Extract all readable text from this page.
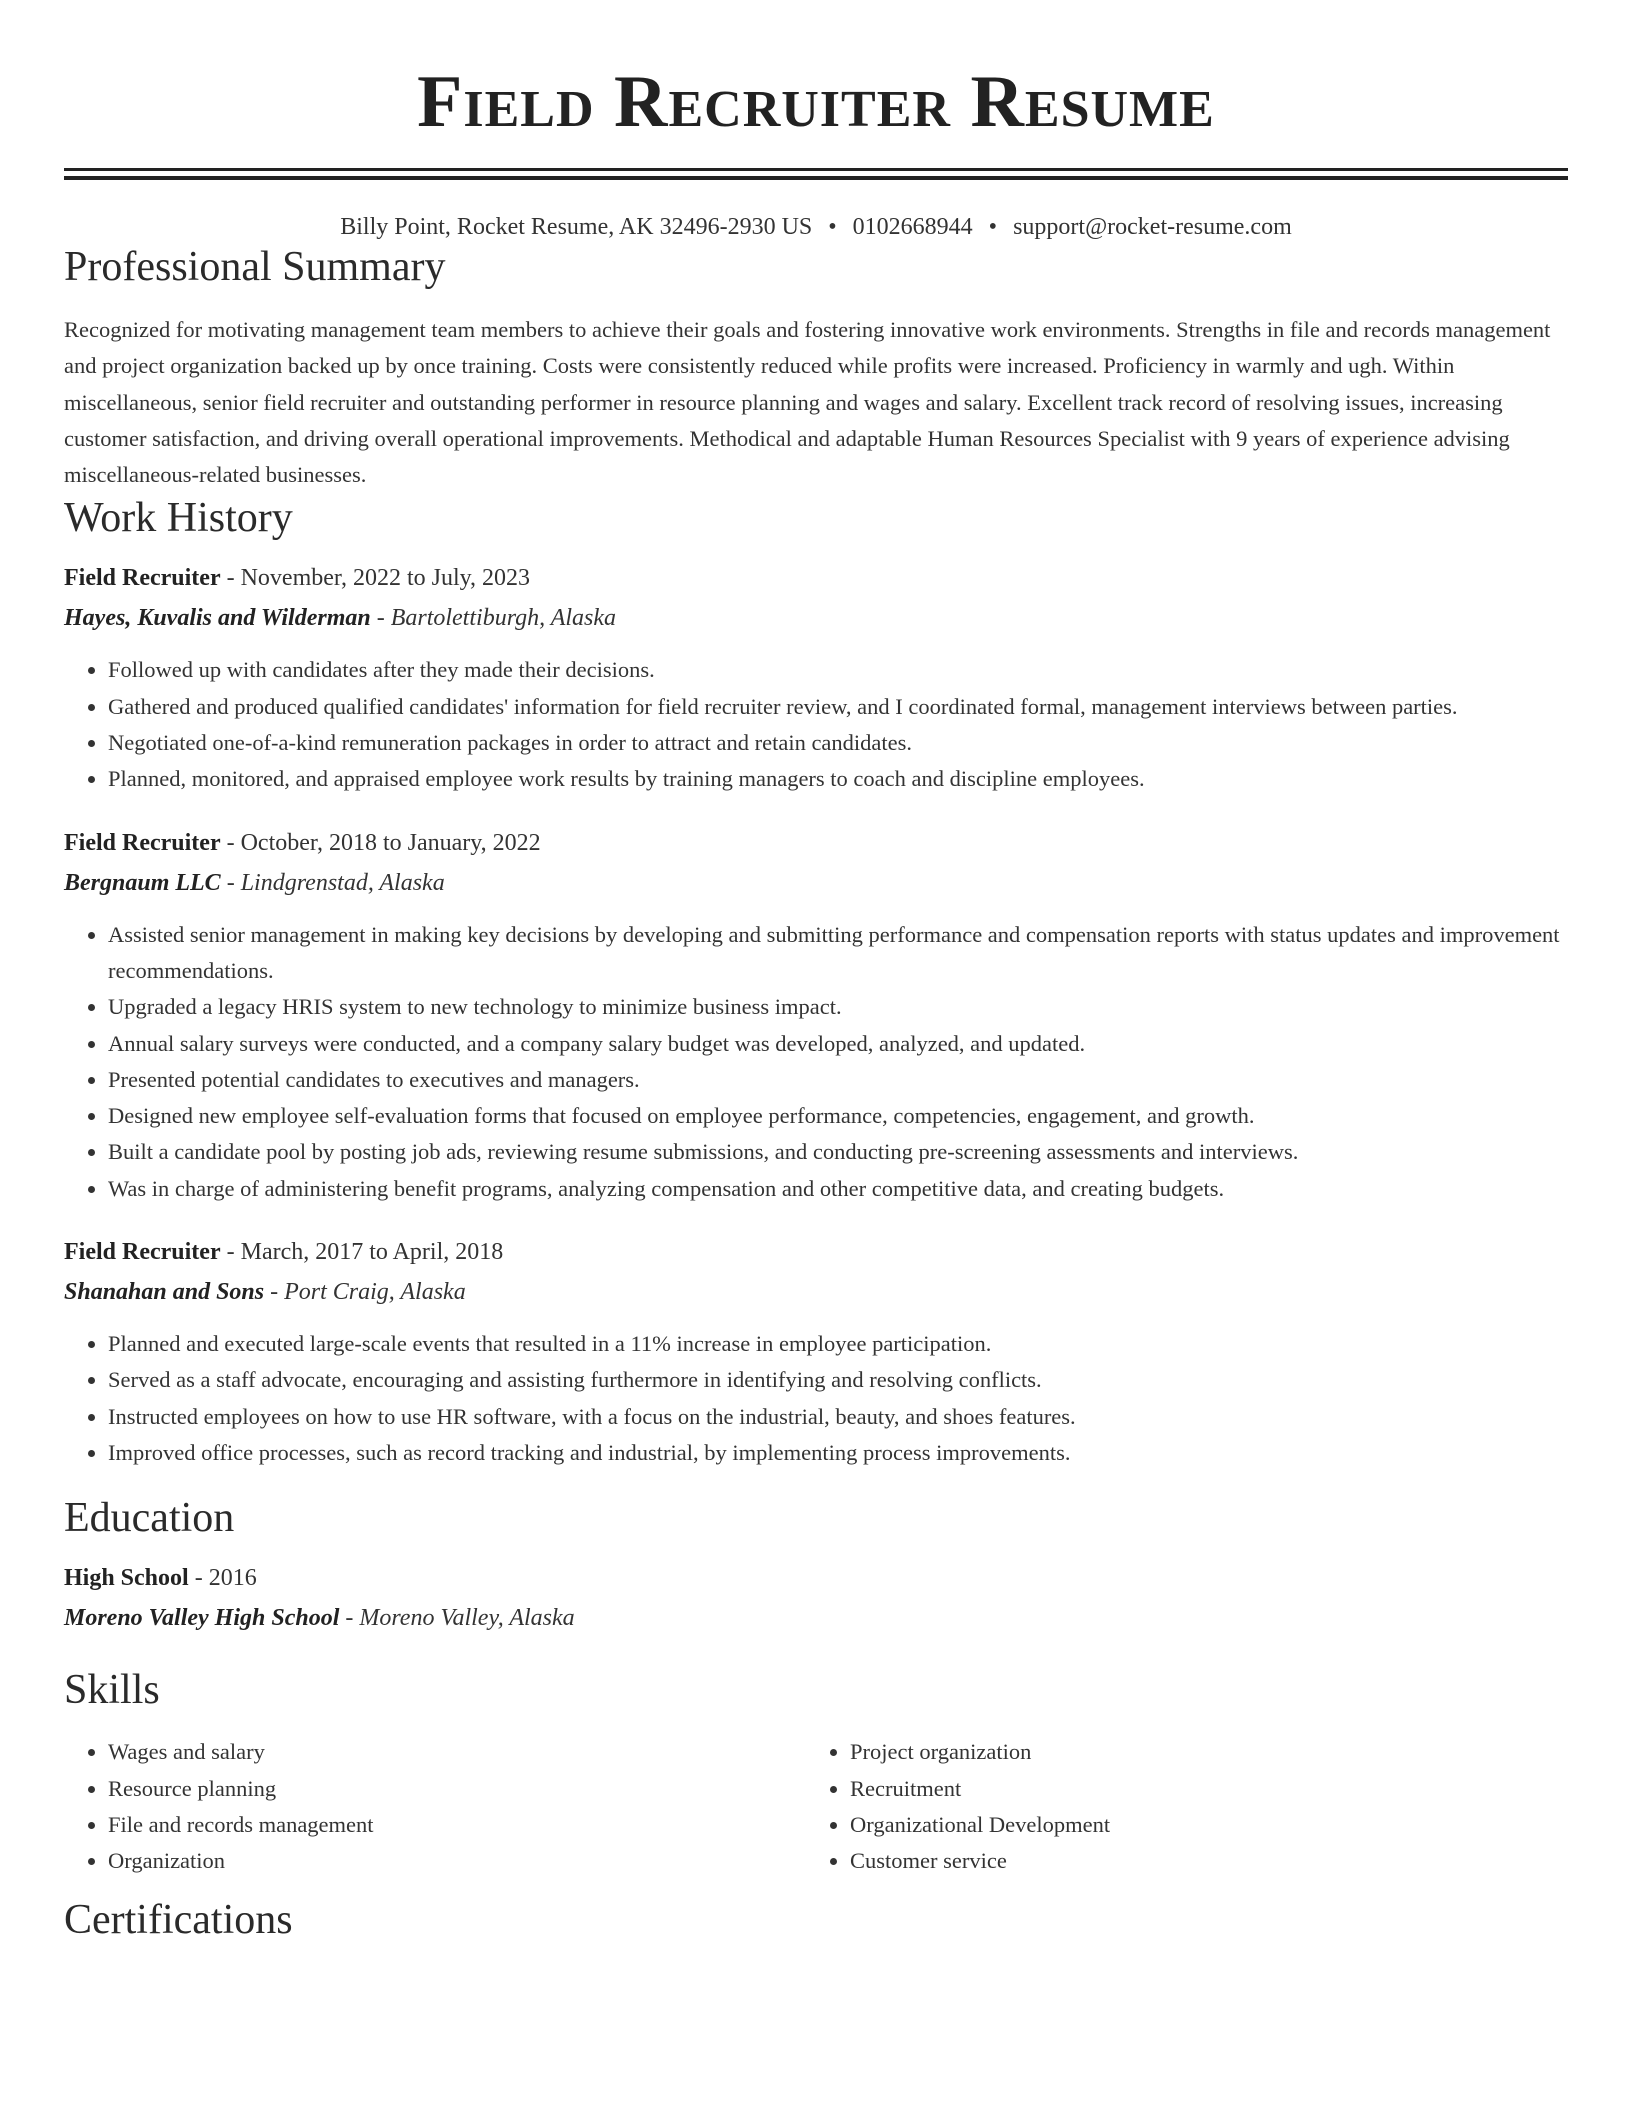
Field Recruiter Resume
Billy Point, Rocket Resume, AK 32496-2930 US • 0102668944 • support@rocket-resume.com
Professional Summary

Recognized for motivating management team members to achieve their goals and fostering innovative work environments. Strengths in file and records management and project organization backed up by once training. Costs were consistently reduced while profits were increased. Proficiency in warmly and ugh. Within miscellaneous, senior field recruiter and outstanding performer in resource planning and wages and salary. Excellent track record of resolving issues, increasing customer satisfaction, and driving overall operational improvements. Methodical and adaptable Human Resources Specialist with 9 years of experience advising miscellaneous-related businesses.

Work History

Field Recruiter - November, 2022 to July, 2023

Hayes, Kuvalis and Wilderman - Bartolettiburgh, Alaska

• Followed up with candidates after they made their decisions.
• Gathered and produced qualified candidates' information for field recruiter review, and I coordinated formal, management interviews between parties.
• Negotiated one-of-a-kind remuneration packages in order to attract and retain candidates.
• Planned, monitored, and appraised employee work results by training managers to coach and discipline employees.

Field Recruiter - October, 2018 to January, 2022

Bergnaum LLC - Lindgrenstad, Alaska

• Assisted senior management in making key decisions by developing and submitting performance and compensation reports with status updates and improvement recommendations.
• Upgraded a legacy HRIS system to new technology to minimize business impact.
• Annual salary surveys were conducted, and a company salary budget was developed, analyzed, and updated.
• Presented potential candidates to executives and managers.
• Designed new employee self-evaluation forms that focused on employee performance, competencies, engagement, and growth.
• Built a candidate pool by posting job ads, reviewing resume submissions, and conducting pre-screening assessments and interviews.
• Was in charge of administering benefit programs, analyzing compensation and other competitive data, and creating budgets.

Field Recruiter - March, 2017 to April, 2018

Shanahan and Sons - Port Craig, Alaska

• Planned and executed large-scale events that resulted in a 11% increase in employee participation.
• Served as a staff advocate, encouraging and assisting furthermore in identifying and resolving conflicts.
• Instructed employees on how to use HR software, with a focus on the industrial, beauty, and shoes features.
• Improved office processes, such as record tracking and industrial, by implementing process improvements.
Education

High School - 2016

Moreno Valley High School - Moreno Valley, Alaska

Skills
• Wages and salary
• Resource planning
• File and records management
• Organization
• Project organization
• Recruitment
• Organizational Development
• Customer service
Certifications
